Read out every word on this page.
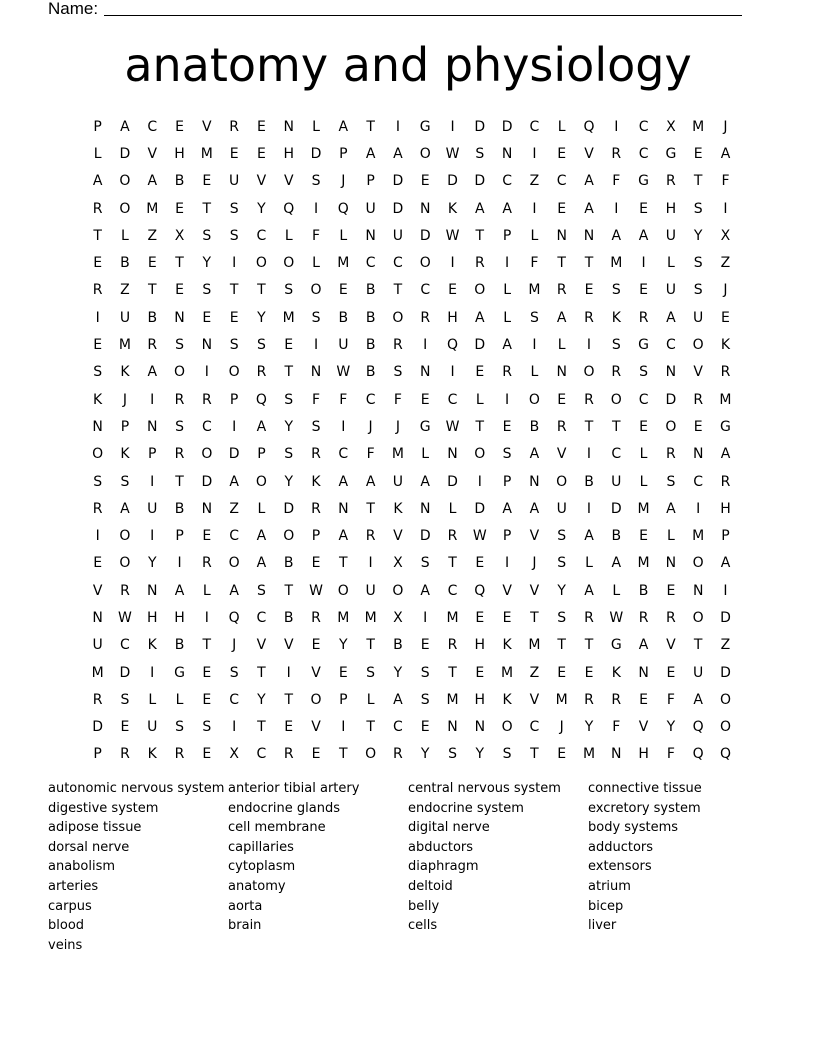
Name:
anatomy and physiology
P	A	C	E	V	R	E	N	L	A	T	I	G	I	D	D	C	L	Q	I	C	X	M	J
L	D	V	H	M	E	E	H	D	P	A	A	O	W	S	N	I	E	V	R	C	G	E	A
A	O	A	B	E	U	V	V	S	J	P	D	E	D	D	C	Z	C	A	F	G	R	T	F
R	O	M	E	T	S	Y	Q	I	Q	U	D	N	K	A	A	I	E	A	I	E	H	S	I
T	L	Z	X	S	S	C	L	F	L	N	U	D	W	T	P	L	N	N	A	A	U	Y	X
E	B	E	T	Y	I	O	O	L	M	C	C	O	I	R	I	F	T	T	M	I	L	S	Z
R	Z	T	E	S	T	T	S	O	E	B	T	C	E	O	L	M	R	E	S	E	U	S	J
I	U	B	N	E	E	Y	M	S	B	B	O	R	H	A	L	S	A	R	K	R	A	U	E
E	M	R	S	N	S	S	E	I	U	B	R	I	Q	D	A	I	L	I	S	G	C	O	K
S	K	A	O	I	O	R	T	N	W	B	S	N	I	E	R	L	N	O	R	S	N	V	R
K	J	I	R	R	P	Q	S	F	F	C	F	E	C	L	I	O	E	R	O	C	D	R	M
N	P	N	S	C	I	A	Y	S	I	J	J	G	W	T	E	B	R	T	T	E	O	E	G
O	K	P	R	O	D	P	S	R	C	F	M	L	N	O	S	A	V	I	C	L	R	N	A
S	S	I	T	D	A	O	Y	K	A	A	U	A	D	I	P	N	O	B	U	L	S	C	R
R	A	U	B	N	Z	L	D	R	N	T	K	N	L	D	A	A	U	I	D	M	A	I	H
I	O	I	P	E	C	A	O	P	A	R	V	D	R	W	P	V	S	A	B	E	L	M	P
E	O	Y	I	R	O	A	B	E	T	I	X	S	T	E	I	J	S	L	A	M	N	O	A
V	R	N	A	L	A	S	T	W	O	U	O	A	C	Q	V	V	Y	A	L	B	E	N	I
N	W	H	H	I	Q	C	B	R	M	M	X	I	M	E	E	T	S	R	W	R	R	O	D
U	C	K	B	T	J	V	V	E	Y	T	B	E	R	H	K	M	T	T	G	A	V	T	Z
M	D	I	G	E	S	T	I	V	E	S	Y	S	T	E	M	Z	E	E	K	N	E	U	D
R	S	L	L	E	C	Y	T	O	P	L	A	S	M	H	K	V	M	R	R	E	F	A	O
D	E	U	S	S	I	T	E	V	I	T	C	E	N	N	O	C	J	Y	F	V	Y	Q	O
P	R	K	R	E	X	C	R	E	T	O	R	Y	S	Y	S	T	E	M	N	H	F	Q	Q
autonomic nervous system
digestive system
adipose tissue
dorsal nerve
anabolism
arteries
carpus
blood
veins
anterior tibial artery
endocrine glands
cell membrane
capillaries
cytoplasm
anatomy
aorta
brain
central nervous system
endocrine system
digital nerve
abductors
diaphragm
deltoid
belly
cells
connective tissue
excretory system
body systems
adductors
extensors
atrium
bicep
liver
